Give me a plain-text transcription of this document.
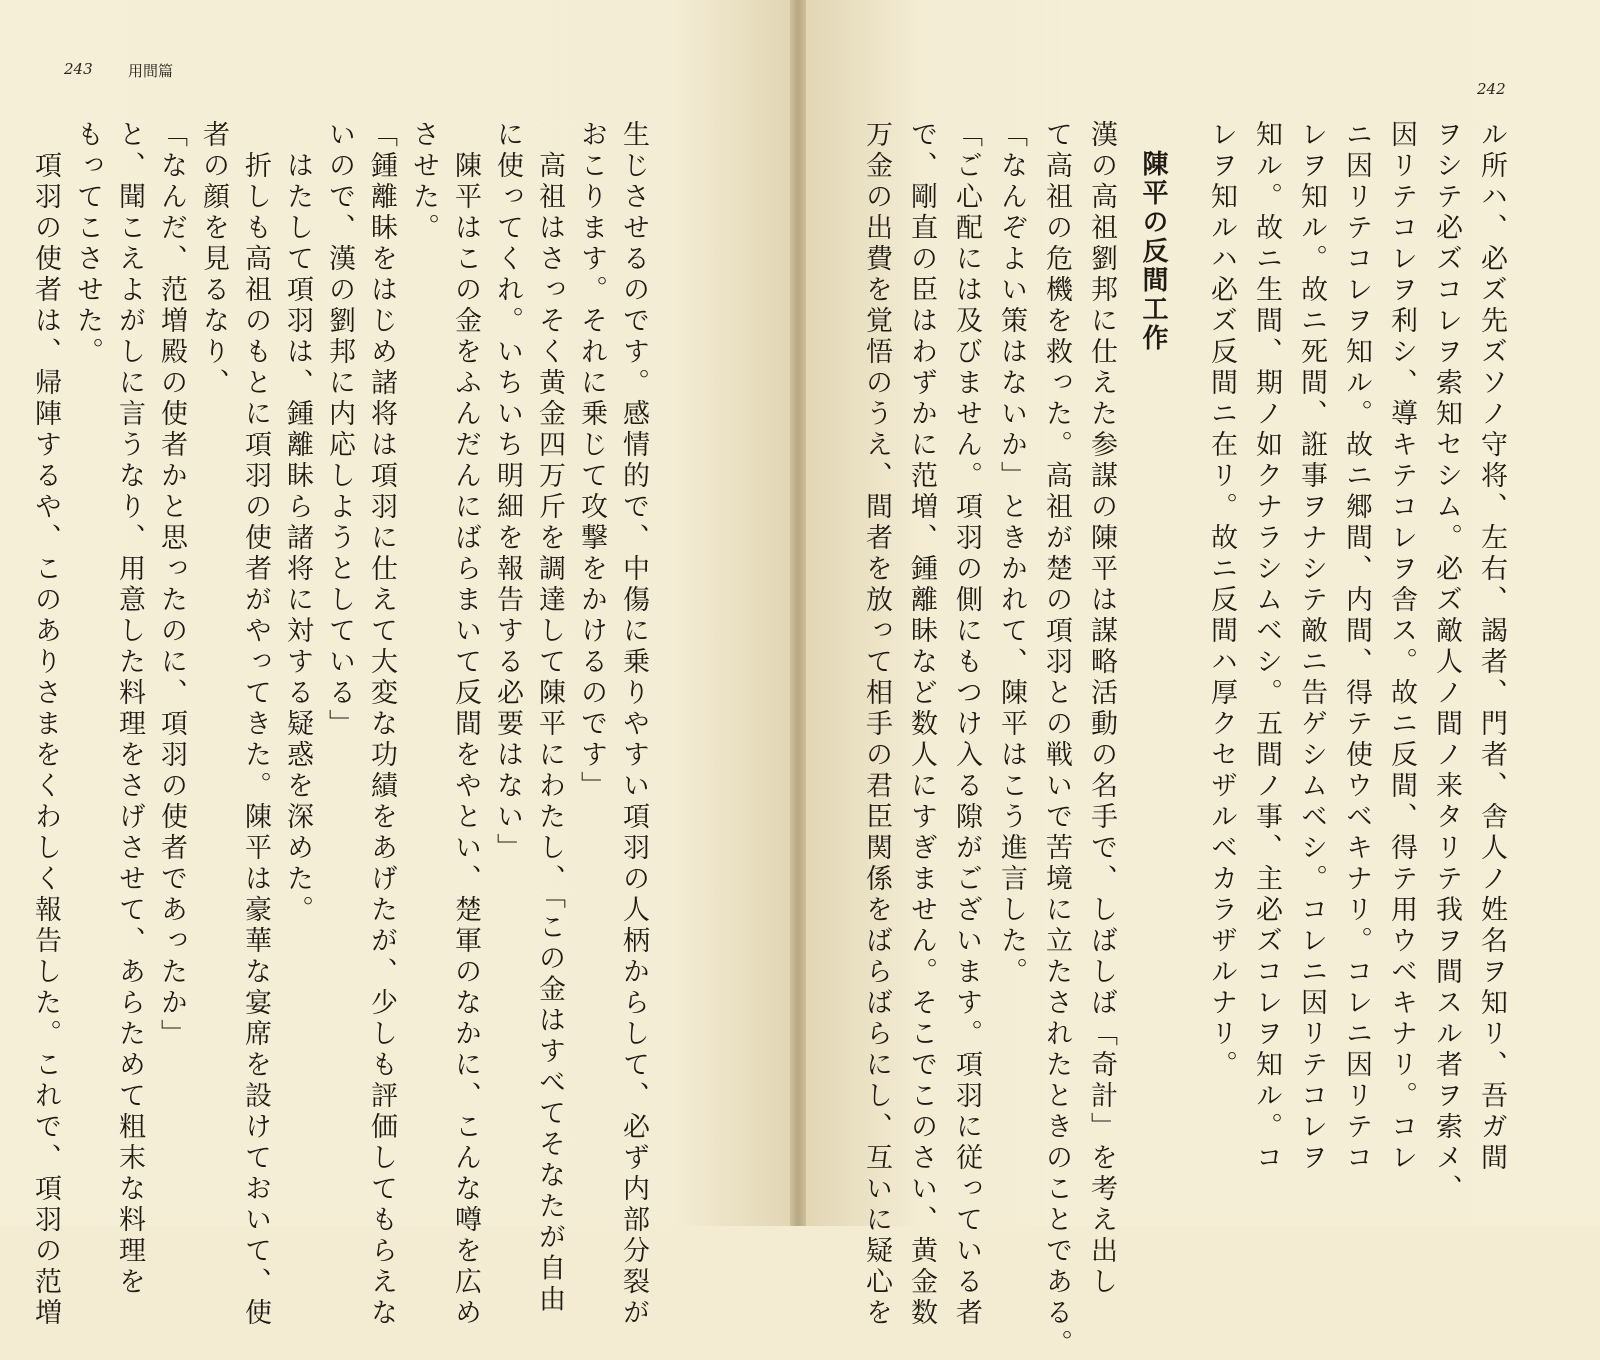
243 用間篇
242
ル所ハ、必ズ先ズソノ守将、左右、謁者、門者、舎人ノ姓名ヲ知リ、吾ガ間
ヲシテ必ズコレヲ索知セシム。必ズ敵人ノ間ノ来タリテ我ヲ間スル者ヲ索メ、
因リテコレヲ利シ、導キテコレヲ舎ス。故ニ反間、得テ用ウベキナリ。コレ
ニ因リテコレヲ知ル。故ニ郷間、内間、得テ使ウベキナリ。コレニ因リテコ
レヲ知ル。故ニ死間、誑事ヲナシテ敵ニ告ゲシムベシ。コレニ因リテコレヲ
知ル。故ニ生間、期ノ如クナラシムベシ。五間ノ事、主必ズコレヲ知ル。コ
レヲ知ルハ必ズ反間ニ在リ。故ニ反間ハ厚クセザルベカラザルナリ。
陳平の反間工作
漢の高祖劉邦に仕えた参謀の陳平は謀略活動の名手で、しばしば「奇計」を考え出し
て高祖の危機を救った。高祖が楚の項羽との戦いで苦境に立たされたときのことである。
「なんぞよい策はないか」ときかれて、陳平はこう進言した。
「ご心配には及びません。項羽の側にもつけ入る隙がございます。項羽に従っている者
で、剛直の臣はわずかに范増、鍾離眛など数人にすぎません。そこでこのさい、黄金数
万金の出費を覚悟のうえ、間者を放って相手の君臣関係をばらばらにし、互いに疑心を
生じさせるのです。感情的で、中傷に乗りやすい項羽の人柄からして、必ず内部分裂が
おこります。それに乗じて攻撃をかけるのです」
　高祖はさっそく黄金四万斤を調達して陳平にわたし、「この金はすべてそなたが自由
に使ってくれ。いちいち明細を報告する必要はない」
　陳平はこの金をふんだんにばらまいて反間をやとい、楚軍のなかに、こんな噂を広め
させた。
「鍾離眛をはじめ諸将は項羽に仕えて大変な功績をあげたが、少しも評価してもらえな
いので、漢の劉邦に内応しようとしている」
　はたして項羽は、鍾離眛ら諸将に対する疑惑を深めた。
　折しも高祖のもとに項羽の使者がやってきた。陳平は豪華な宴席を設けておいて、使
者の顔を見るなり、
「なんだ、范増殿の使者かと思ったのに、項羽の使者であったか」
と、聞こえよがしに言うなり、用意した料理をさげさせて、あらためて粗末な料理を
もってこさせた。
　項羽の使者は、帰陣するや、このありさまをくわしく報告した。これで、項羽の范増
